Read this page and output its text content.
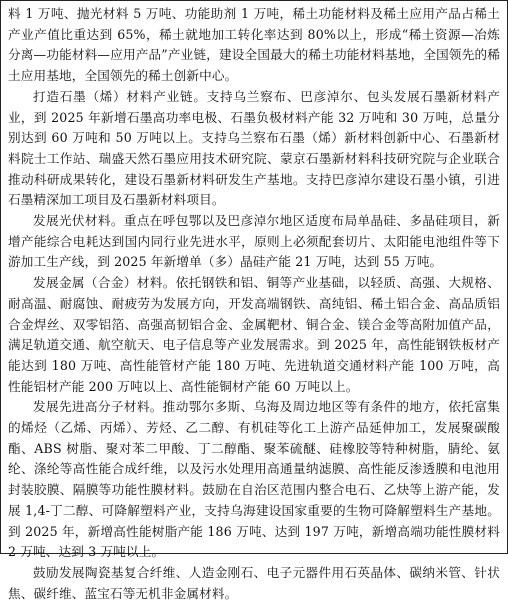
料 1 万吨、抛光材料 5 万吨、功能助剂 1 万吨，稀土功能材料及稀土应用产品占稀土产业产值比重达到 65%，稀土就地加工转化率达到 80%以上，形成“稀土资源—冶炼分离—功能材料—应用产品”产业链，建设全国最大的稀土功能材料基地，全国领先的稀土应用基地，全国领先的稀土创新中心。

打造石墨（烯）材料产业链。支持乌兰察布、巴彦淖尔、包头发展石墨新材料产业，到 2025 年新增石墨高功率电极、石墨负极材料产能 32 万吨和 30 万吨，总量分别达到 60 万吨和 50 万吨以上。支持乌兰察布石墨（烯）新材料创新中心、石墨新材料院士工作站、瑞盛天然石墨应用技术研究院、蒙京石墨新材料科技研究院与企业联合推动科研成果转化，建设石墨新材料研发生产基地。支持巴彦淖尔建设石墨小镇，引进石墨精深加工项目及石墨新材料项目。

发展光伏材料。重点在呼包鄂以及巴彦淖尔地区适度布局单晶硅、多晶硅项目，新增产能综合电耗达到国内同行业先进水平，原则上必须配套切片、太阳能电池组件等下游加工生产线，到 2025 年新增单（多）晶硅产能 21 万吨，达到 55 万吨。

发展金属（合金）材料。依托钢铁和铝、铜等产业基础，以轻质、高强、大规格、耐高温、耐腐蚀、耐疲劳为发展方向，开发高端钢铁、高纯铝、稀土铝合金、高品质铝合金焊丝、双零铝箔、高强高韧铝合金、金属靶材、铜合金、镁合金等高附加值产品，满足轨道交通、航空航天、电子信息等产业发展需求。到 2025 年，高性能钢铁板材产能达到 180 万吨、高性能管材产能 180 万吨、先进轨道交通材料产能 100 万吨，高性能铝材产能 200 万吨以上、高性能铜材产能 60 万吨以上。

发展先进高分子材料。推动鄂尔多斯、乌海及周边地区等有条件的地方，依托富集的烯烃（乙烯、丙烯）、芳烃、乙二醇、有机硅等化工上游产品延伸加工，发展聚碳酸酯、ABS 树脂、聚对苯二甲酸、丁二醇酯、聚苯硫醚、硅橡胶等特种树脂，腈纶、氨纶、涤纶等高性能合成纤维，以及污水处理用高通量纳滤膜、高性能反渗透膜和电池用封装胶膜、隔膜等功能性膜材料。鼓励在自治区范围内整合电石、乙炔等上游产能，发展 1,4-丁二醇、可降解塑料产业，支持乌海建设国家重要的生物可降解塑料生产基地。到 2025 年，新增高性能树脂产能 186 万吨、达到 197 万吨，新增高端功能性膜材料 2 万吨、达到 3 万吨以上。

鼓励发展陶瓷基复合纤维、人造金刚石、电子元器件用石英晶体、碳纳米管、针状焦、碳纤维、蓝宝石等无机非金属材料。
